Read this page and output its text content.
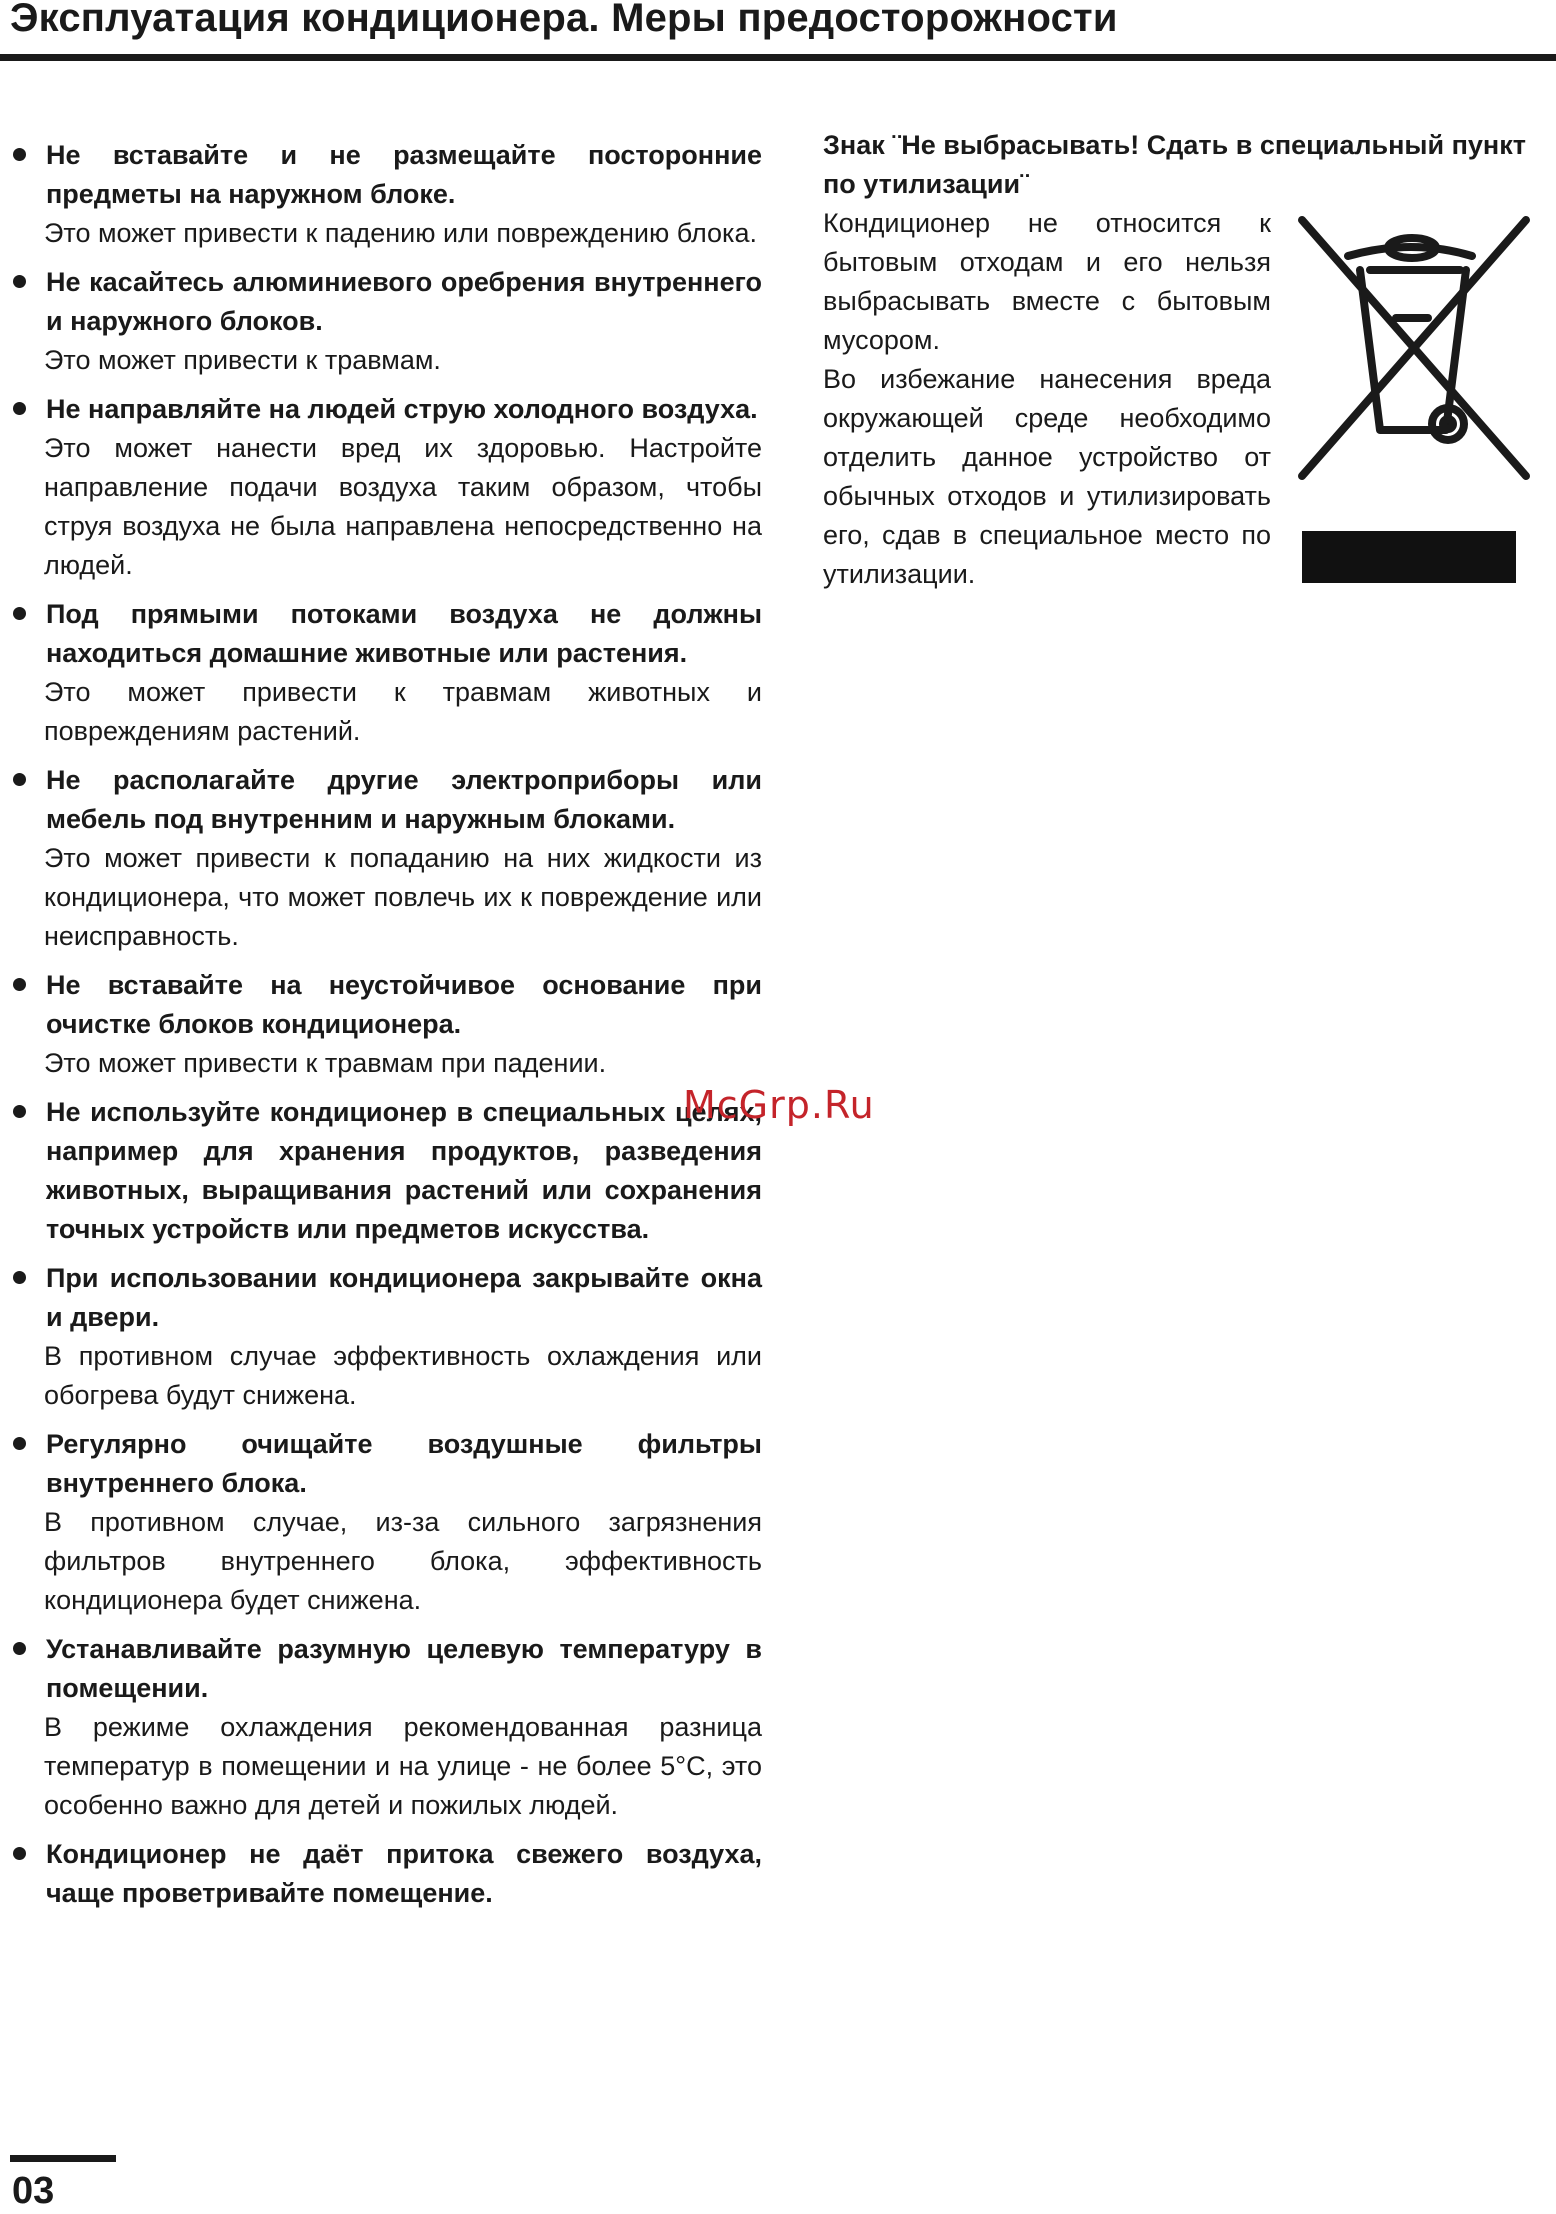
Эксплуатация кондиционера. Меры предосторожности
Не вставайте и не размещайте посторонние предметы на наружном блоке.
Это может привести к падению или повреждению блока.
Не касайтесь алюминиевого оребрения внутреннего и наружного блоков.
Это может привести к травмам.
Не направляйте на людей струю холодного воздуха.
Это может нанести вред их здоровью. Настройте направление подачи воздуха таким образом, чтобы струя воздуха не была направлена непосредственно на людей.
Под прямыми потоками воздуха не должны находиться домашние животные или растения.
Это может привести к травмам животных и повреждениям растений.
Не располагайте другие электроприборы или мебель под внутренним и наружным блоками.
Это может привести к попаданию на них жидкости из кондиционера, что может повлечь их к повреждение или неисправность.
Не вставайте на неустойчивое основание при очистке блоков кондиционера.
Это может привести к травмам при падении.
Не используйте кондиционер в специальных целях, например для хранения продуктов, разведения животных, выращивания растений или сохранения точных устройств или предметов искусства.
При использовании кондиционера закрывайте окна и двери.
В противном случае эффективность охлаждения или обогрева будут снижена.
Регулярно очищайте воздушные фильтры внутреннего блока.
В противном случае, из-за сильного загрязнения фильтров внутреннего блока, эффективность кондиционера будет снижена.
Устанавливайте разумную целевую температуру в помещении.
В режиме охлаждения рекомендованная разница температур в помещении и на улице - не более 5°С, это особенно важно для детей и пожилых людей.
Кондиционер не даёт притока свежего воздуха, чаще проветривайте помещение.
Знак ¨Не выбрасывать! Сдать в специальный пункт по утилизации¨

Кондиционер не относится к бытовым отходам и его нельзя выбрасывать вместе с бытовым мусором.

Во избежание нанесения вреда окружающей среде необходимо отделить данное устройство от обычных отходов и утилизировать его, сдав в специальное место по утилизации.

McGrp.Ru
03
